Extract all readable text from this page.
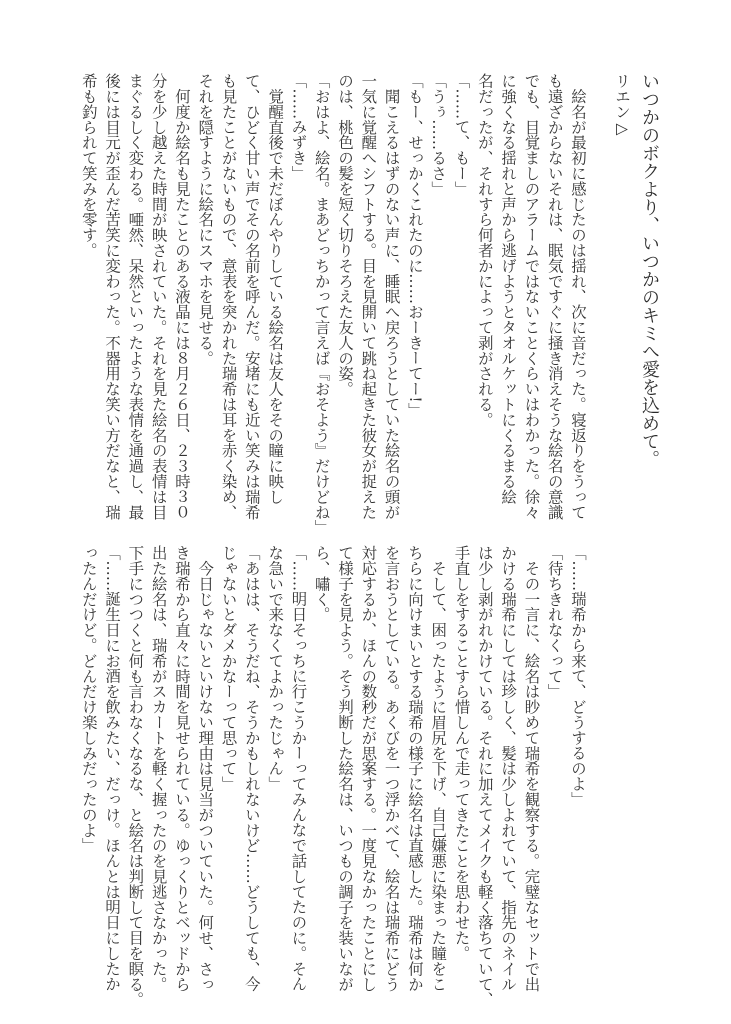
いつかのボクより、いつかのキミへ愛を込めて。
リエン▷
　絵名が最初に感じたのは揺れ、次に音だった。寝返りをうって
も遠ざからないそれは、眠気ですぐに掻き消えそうな絵名の意識
でも、目覚ましのアラームではないことくらいはわかった。徐々
に強くなる揺れと声から逃げようとタオルケットにくるまる絵
名だったが、それすら何者かによって剥がされる。
「……て、もー」
「うぅ……るさ」
「もー、せっかくこれたのに……おーきーてー!」
　聞こえるはずのない声に、睡眠へ戻ろうとしていた絵名の頭が
一気に覚醒へシフトする。目を見開いて跳ね起きた彼女が捉えた
のは、桃色の髪を短く切りそろえた友人の姿。
「おはよ、絵名。まあどっちかって言えば『おそよう』だけどね」
「……みずき」
　覚醒直後で未だぼんやりしている絵名は友人をその瞳に映し
て、ひどく甘い声でその名前を呼んだ。安堵にも近い笑みは瑞希
も見たことがないもので、意表を突かれた瑞希は耳を赤く染め、
それを隠すように絵名にスマホを見せる。
　何度か絵名も見たことのある液晶には８月２６日、２３時３０
分を少し越えた時間が映されていた。それを見た絵名の表情は目
まぐるしく変わる。唖然、呆然といったような表情を通過し、最
後には目元が歪んだ苦笑に変わった。不器用な笑い方だなと、瑞
希も釣られて笑みを零す。
「……瑞希から来て、どうするのよ」
「待ちきれなくって」
　その一言に、絵名は眇めて瑞希を観察する。完璧なセットで出
かける瑞希にしては珍しく、髪は少しよれていて、指先のネイル
は少し剥がれかけている。それに加えてメイクも軽く落ちていて、
手直しをすることすら惜しんで走ってきたことを思わせた。
　そして、困ったように眉尻を下げ、自己嫌悪に染まった瞳をこ
ちらに向けまいとする瑞希の様子に絵名は直感した。瑞希は何か
を言おうとしている。あくびを一つ浮かべて、絵名は瑞希にどう
対応するか、ほんの数秒だが思案する。一度見なかったことにし
て様子を見よう。そう判断した絵名は、いつもの調子を装いなが
ら、嘯く。
「……明日そっちに行こうかーってみんなで話してたのに。そん
な急いで来なくてよかったじゃん」
「あはは、そうだね、そうかもしれないけど……どうしても、今
じゃないとダメかなーって思って」
　今日じゃないといけない理由は見当がついていた。何せ、さっ
き瑞希から直々に時間を見せられている。ゆっくりとベッドから
出た絵名は、瑞希がスカートを軽く握ったのを見逃さなかった。
下手につつくと何も言わなくなるな、と絵名は判断して目を瞑る。
「……誕生日にお酒を飲みたい、だっけ。ほんとは明日にしたか
ったんだけど。どんだけ楽しみだったのよ」
